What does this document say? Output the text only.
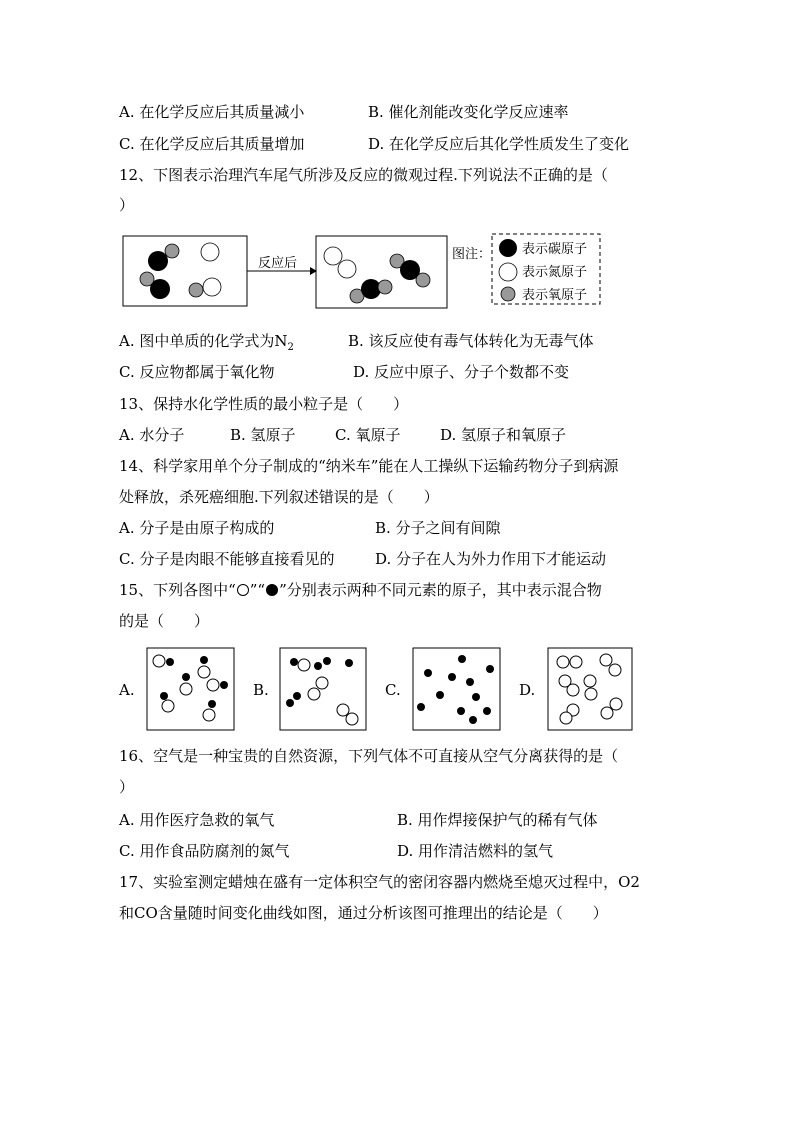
A. 在化学反应后其质量减小	B. 催化剂能改变化学反应速率
C. 在化学反应后其质量增加	D. 在化学反应后其化学性质发生了变化
12、下图表示治理汽车尾气所涉及反应的微观过程.下列说法不正确的是（
）
反应后
图注： 表示碳原子
表示氮原子
表示氧原子
A. 图中单质的化学式为$N_2$	B. 该反应使有毒气体转化为无毒气体
C. 反应物都属于氧化物	D. 反应中原子、分子个数都不变
13、保持水化学性质的最小粒子是（　　）
A. 水分子	B. 氢原子	C. 氧原子	D. 氢原子和氧原子
14、科学家用单个分子制成的“纳米车”能在人工操纵下运输药物分子到病源
处释放，杀死癌细胞.下列叙述错误的是（　　）
A. 分子是由原子构成的	B. 分子之间有间隙
C. 分子是肉眼不能够直接看见的	D. 分子在人为外力作用下才能运动
15、下列各图中“ ”“ ”分别表示两种不同元素的原子，其中表示混合物
的是（　　）
A.	B.	C.	D.
16、空气是一种宝贵的自然资源，下列气体不可直接从空气分离获得的是（
）
A. 用作医疗急救的氧气	B. 用作焊接保护气的稀有气体
C. 用作食品防腐剂的氮气	D. 用作清洁燃料的氢气
17、实验室测定蜡烛在盛有一定体积空气的密闭容器内燃烧至熄灭过程中，O2
和CO含量随时间变化曲线如图，通过分析该图可推理出的结论是（　　）
